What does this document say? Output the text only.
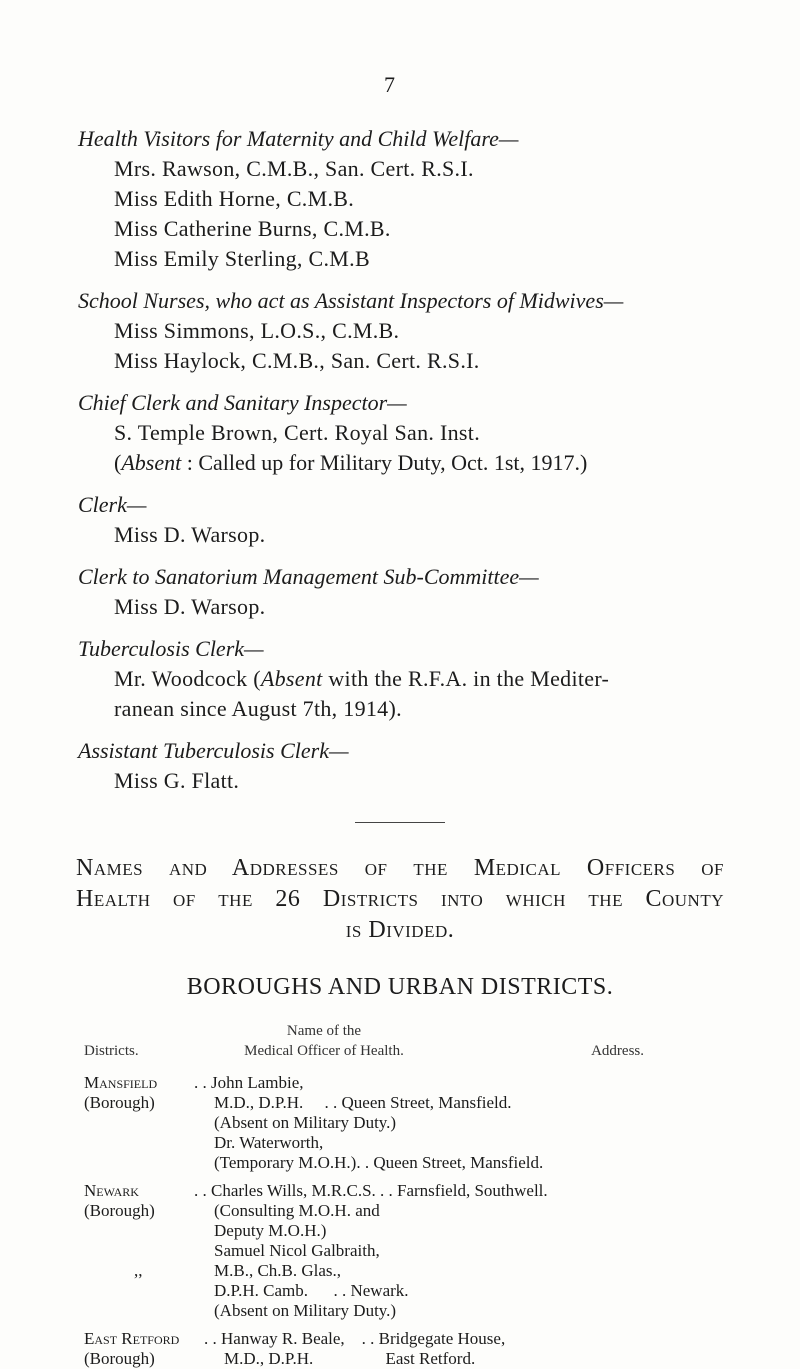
7
Health Visitors for Maternity and Child Welfare—
Mrs. Rawson, C.M.B., San. Cert. R.S.I.
Miss Edith Horne, C.M.B.
Miss Catherine Burns, C.M.B.
Miss Emily Sterling, C.M.B
School Nurses, who act as Assistant Inspectors of Midwives—
Miss Simmons, L.O.S., C.M.B.
Miss Haylock, C.M.B., San. Cert. R.S.I.
Chief Clerk and Sanitary Inspector—
S. Temple Brown, Cert. Royal San. Inst.
(Absent : Called up for Military Duty, Oct. 1st, 1917.)
Clerk—
Miss D. Warsop.
Clerk to Sanatorium Management Sub-Committee—
Miss D. Warsop.
Tuberculosis Clerk—
Mr. Woodcock (Absent with the R.F.A. in the Mediter-
ranean since August 7th, 1914).
Assistant Tuberculosis Clerk—
Miss G. Flatt.
Names and Addresses of the Medical Officers of
Health of the 26 Districts into which the County
is Divided.
BOROUGHS AND URBAN DISTRICTS.
Districts.
Name of the
Medical Officer of Health.	Address.
Mansfield
(Borough)
. . John Lambie,
M.D., D.P.H.     . . Queen Street, Mansfield.
(Absent on Military Duty.)
Dr. Waterworth,
(Temporary M.O.H.). . Queen Street, Mansfield.
Newark
(Borough)
,,
. . Charles Wills, M.R.C.S. . . Farnsfield, Southwell.
(Consulting M.O.H. and
Deputy M.O.H.)
Samuel Nicol Galbraith,
M.B., Ch.B. Glas.,
D.P.H. Camb.      . . Newark.
(Absent on Military Duty.)
East Retford
(Borough)
. . Hanway R. Beale,    . . Bridgegate House,
M.D., D.P.H.                 East Retford.
